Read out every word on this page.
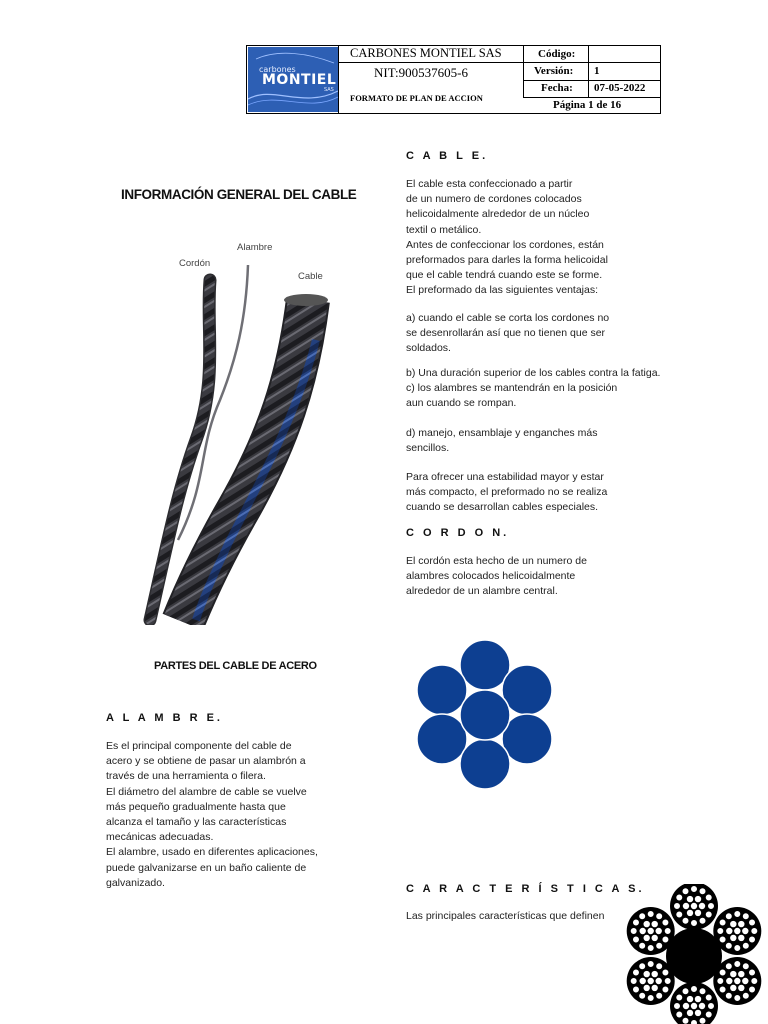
carbones
MONTIEL
SAS
CARBONES MONTIEL SAS
NIT:900537605-6
FORMATO DE PLAN DE ACCION
Código:
Versión: 1
Fecha: 07-05-2022
Página 1 de 16
INFORMACIÓN GENERAL DEL CABLE
Cordón
Alambre
Cable
PARTES DEL CABLE DE ACERO
A L A M B R E.
Es el principal componente del cable de
acero y se obtiene de pasar un alambrón a
través de una herramienta o filera.
El diámetro del alambre de cable se vuelve
más pequeño gradualmente hasta que
alcanza el tamaño y las características
mecánicas adecuadas.
El alambre, usado en diferentes aplicaciones,
puede galvanizarse en un baño caliente de
galvanizado.
C A B L E.
El cable esta confeccionado a partir
de un numero de cordones colocados
helicoidalmente alrededor de un núcleo
textil o metálico.
Antes de confeccionar los cordones, están
preformados para darles la forma helicoidal
que el cable tendrá cuando este se forme.
El preformado da las siguientes ventajas:
a) cuando el cable se corta los cordones no
se desenrollarán así que no tienen que ser
soldados.
b) Una duración superior de los cables contra la fatiga.
c) los alambres se mantendrán en la posición
aun cuando se rompan.
d) manejo, ensamblaje y enganches más
sencillos.
Para ofrecer una estabilidad mayor y estar
más compacto, el preformado no se realiza
cuando se desarrollan cables especiales.
C O R D O N.
El cordón esta hecho de un numero de
alambres colocados helicoidalmente
alrededor de un alambre central.
C A R A C T E R Í S T I C A S.
Las principales características que definen
